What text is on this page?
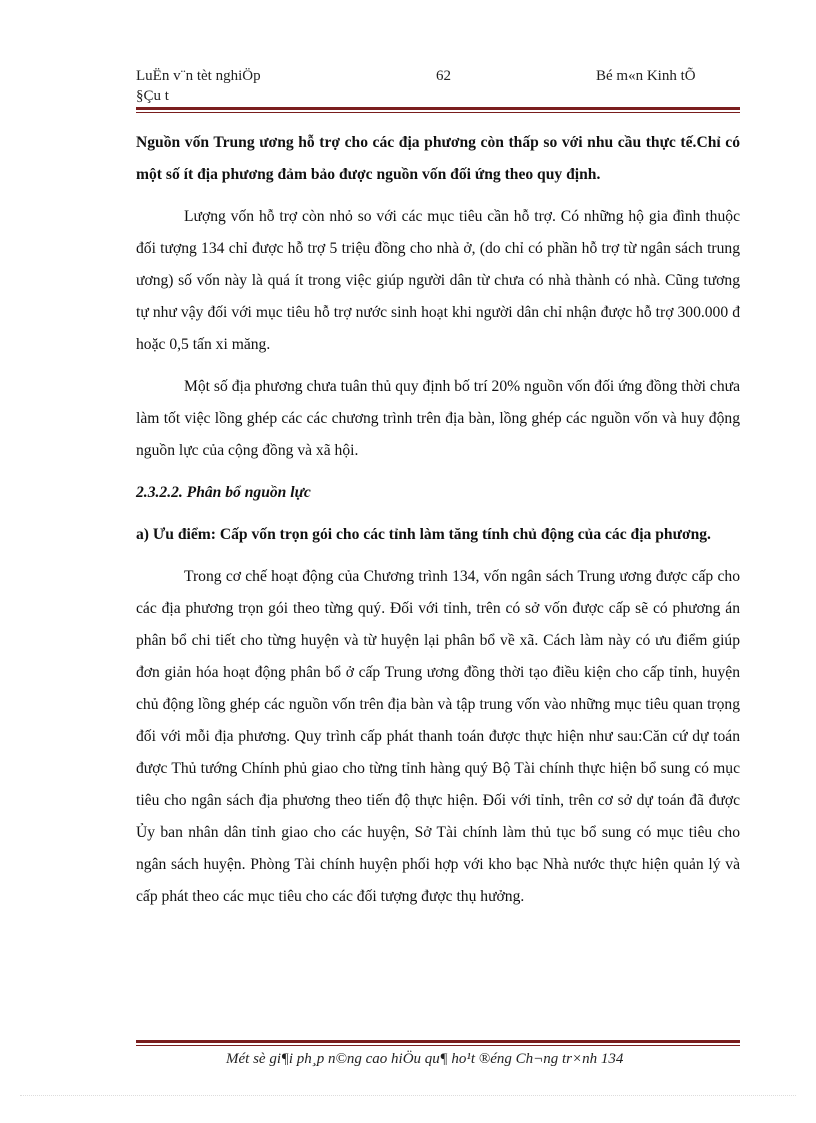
LuËn v¨n tèt nghiÖp	62	Bé m«n Kinh tÕ
§Çu t

Nguồn vốn Trung ương hỗ trợ cho các địa phương còn thấp so với nhu cầu thực tế.Chỉ có một số ít địa phương đảm bảo được nguồn vốn đối ứng theo quy định.

Lượng vốn hỗ trợ còn nhỏ so với các mục tiêu cần hỗ trợ. Có những hộ gia đình thuộc đối tượng 134 chỉ được hỗ trợ 5 triệu đồng cho nhà ở, (do chỉ có phần hỗ trợ từ ngân sách trung ương) số vốn này là quá ít trong việc giúp người dân từ chưa có nhà thành có nhà. Cũng tương tự như vậy đối với mục tiêu hỗ trợ nước sinh hoạt khi người dân chỉ nhận được hỗ trợ 300.000 đ hoặc 0,5 tấn xi măng.

Một số địa phương chưa tuân thủ quy định bố trí 20% nguồn vốn đối ứng đồng thời chưa làm tốt việc lồng ghép các các chương trình trên địa bàn, lồng ghép các nguồn vốn và huy động nguồn lực của cộng đồng và xã hội.

2.3.2.2. Phân bổ nguồn lực

a) Ưu điểm: Cấp vốn trọn gói cho các tỉnh làm tăng tính chủ động của các địa phương.

Trong cơ chế hoạt động của Chương trình 134, vốn ngân sách Trung ương được cấp cho các địa phương trọn gói theo từng quý. Đối với tỉnh, trên có sở vốn được cấp sẽ có phương án phân bổ chi tiết cho từng huyện và từ huyện lại phân bổ về xã. Cách làm này có ưu điểm giúp đơn giản hóa hoạt động phân bổ ở cấp Trung ương đồng thời tạo điều kiện cho cấp tỉnh, huyện chủ động lồng ghép các nguồn vốn trên địa bàn và tập trung vốn vào những mục tiêu quan trọng đối với mỗi địa phương. Quy trình cấp phát thanh toán được thực hiện như sau:Căn cứ dự toán được Thủ tướng Chính phủ giao cho từng tỉnh hàng quý Bộ Tài chính thực hiện bổ sung có mục tiêu cho ngân sách địa phương theo tiến độ thực hiện. Đối với tỉnh, trên cơ sở dự toán đã được Ủy ban nhân dân tỉnh giao cho các huyện, Sở Tài chính làm thủ tục bổ sung có mục tiêu cho ngân sách huyện. Phòng Tài chính huyện phối hợp với kho bạc Nhà nước thực hiện quản lý và cấp phát theo các mục tiêu cho các đối tượng được thụ hưởng.

Mét sè gi¶i ph¸p n©ng cao hiÖu qu¶ ho¹t ®éng Ch¬ng tr×nh 134
